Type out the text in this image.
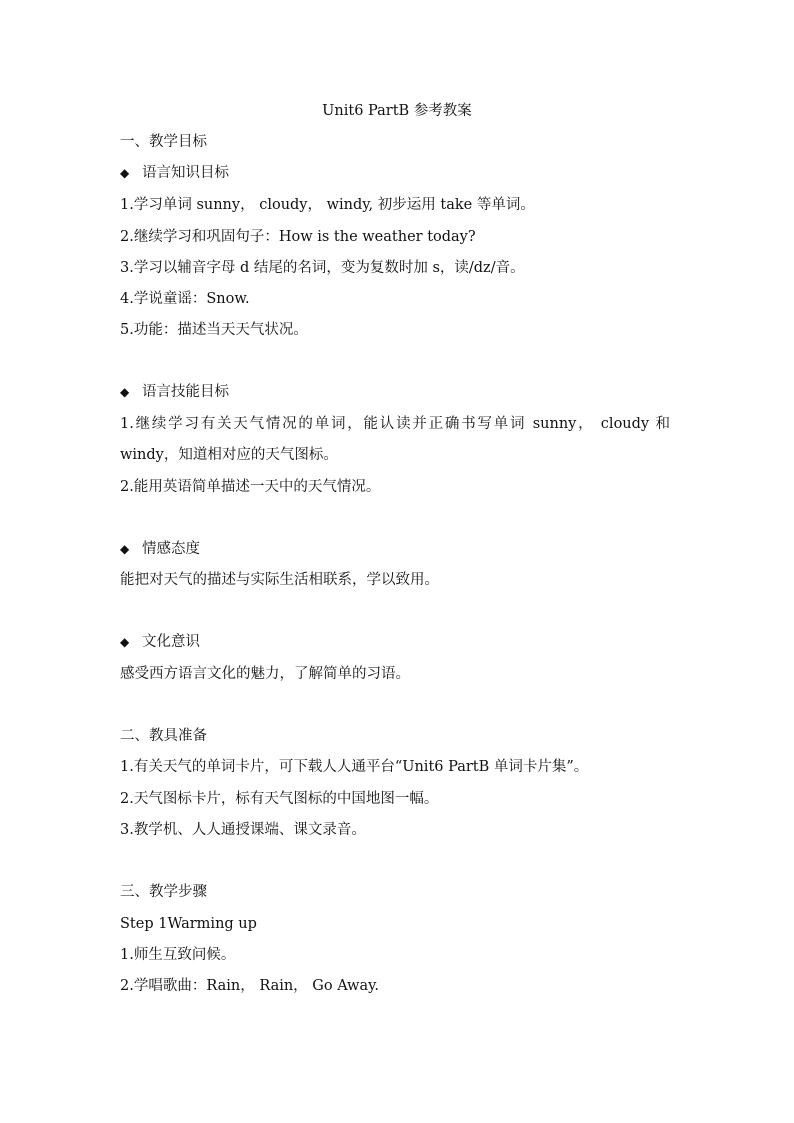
Unit6 PartB 参考教案
一、教学目标
◆ 语言知识目标
1.学习单词 sunny， cloudy， windy, 初步运用 take 等单词。
2.继续学习和巩固句子：How is the weather today?
3.学习以辅音字母 d 结尾的名词，变为复数时加 s，读/dz/音。
4.学说童谣：Snow.
5.功能：描述当天天气状况。
◆ 语言技能目标
1.继续学习有关天气情况的单词，能认读并正确书写单词 sunny， cloudy 和
windy，知道相对应的天气图标。
2.能用英语简单描述一天中的天气情况。
◆ 情感态度
能把对天气的描述与实际生活相联系，学以致用。
◆ 文化意识
感受西方语言文化的魅力，了解简单的习语。
二、教具准备
1.有关天气的单词卡片，可下载人人通平台“Unit6 PartB 单词卡片集”。
2.天气图标卡片，标有天气图标的中国地图一幅。
3.教学机、人人通授课端、课文录音。
三、教学步骤
Step 1Warming up
1.师生互致问候。
2.学唱歌曲：Rain， Rain， Go Away.
